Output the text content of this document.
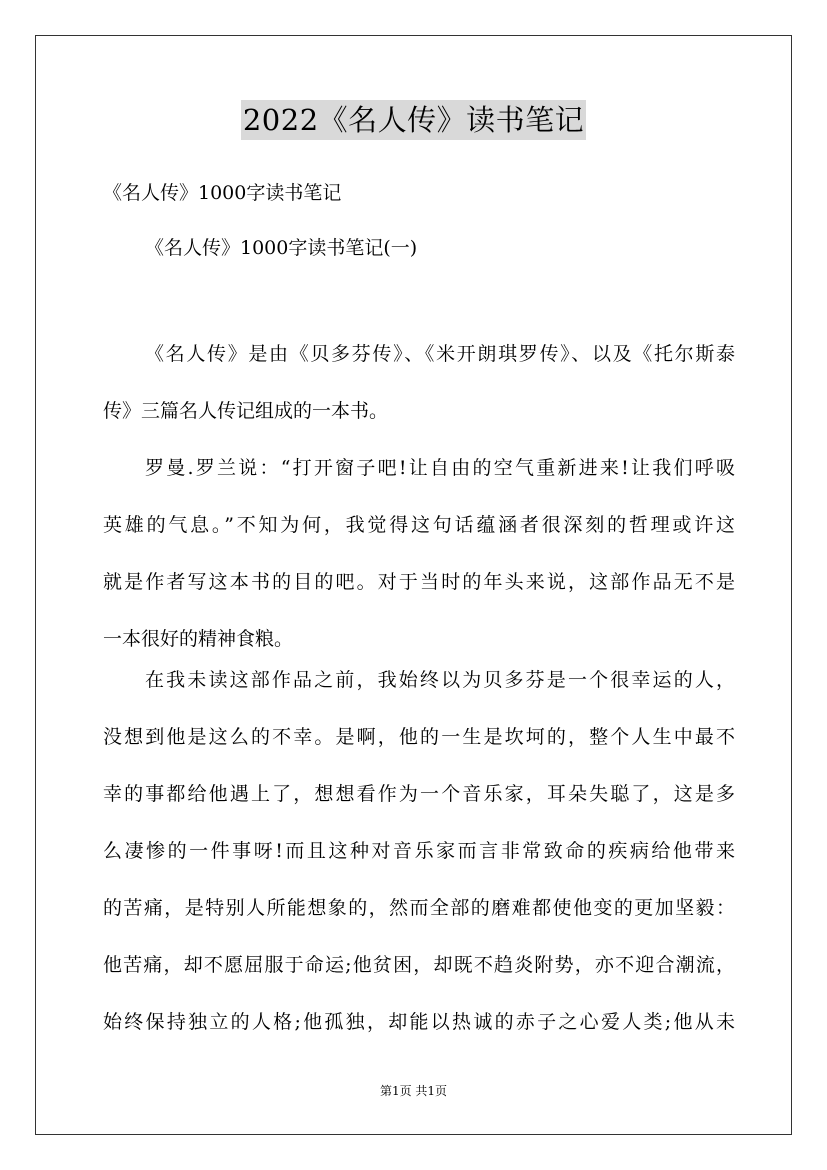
2022《名人传》读书笔记
《名人传》1000字读书笔记
《名人传》1000字读书笔记(一)
《名人传》是由《贝多芬传》、《米开朗琪罗传》、以及《托尔斯泰
传》三篇名人传记组成的一本书。
罗曼.罗兰说：“打开窗子吧!让自由的空气重新进来!让我们呼吸
英雄的气息。”不知为何，我觉得这句话蕴涵者很深刻的哲理或许这
就是作者写这本书的目的吧。对于当时的年头来说，这部作品无不是
一本很好的精神食粮。
在我未读这部作品之前，我始终以为贝多芬是一个很幸运的人，
没想到他是这么的不幸。是啊，他的一生是坎坷的，整个人生中最不
幸的事都给他遇上了，想想看作为一个音乐家，耳朵失聪了，这是多
么凄惨的一件事呀!而且这种对音乐家而言非常致命的疾病给他带来
的苦痛，是特别人所能想象的，然而全部的磨难都使他变的更加坚毅：
他苦痛，却不愿屈服于命运;他贫困，却既不趋炎附势，亦不迎合潮流，
始终保持独立的人格;他孤独，却能以热诚的赤子之心爱人类;他从未
第1页 共1页
